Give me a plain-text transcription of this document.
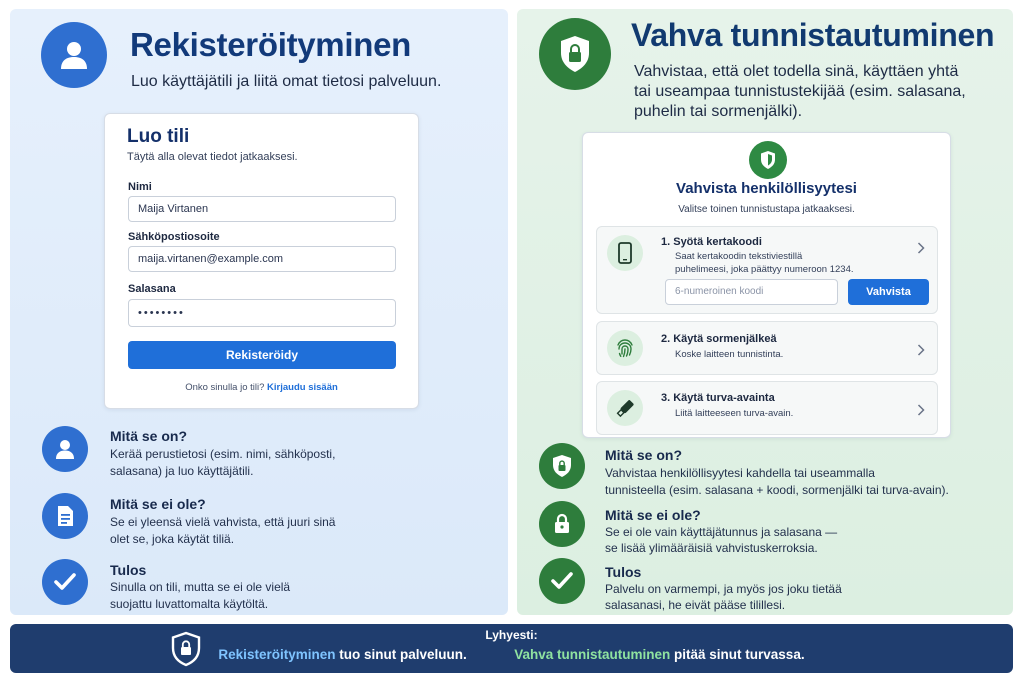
Rekisteröityminen
Luo käyttäjätili ja liitä omat tietosi palveluun.
Luo tili
Täytä alla olevat tiedot jatkaaksesi.
Nimi
Maija Virtanen
Sähköpostiosoite
maija.virtanen@example.com
Salasana
••••••••
Rekisteröidy
Onko sinulla jo tili? Kirjaudu sisään
Mitä se on?
Kerää perustietosi (esim. nimi, sähköposti,
salasana) ja luo käyttäjätili.
Mitä se ei ole?
Se ei yleensä vielä vahvista, että juuri sinä
olet se, joka käytät tiliä.
Tulos
Sinulla on tili, mutta se ei ole vielä
suojattu luvattomalta käytöltä.
Vahva tunnistautuminen
Vahvistaa, että olet todella sinä, käyttäen yhtä
tai useampaa tunnistustekijää (esim. salasana,
puhelin tai sormenjälki).
Vahvista henkilöllisyytesi
Valitse toinen tunnistustapa jatkaaksesi.
1. Syötä kertakoodi
Saat kertakoodin tekstiviestillä
puhelimeesi, joka päättyy numeroon 1234.
6-numeroinen koodi	Vahvista
2. Käytä sormenjälkeä
Koske laitteen tunnistinta.
3. Käytä turva-avainta
Liitä laitteeseen turva-avain.
Mitä se on?
Vahvistaa henkilöllisyytesi kahdella tai useammalla
tunnisteella (esim. salasana + koodi, sormenjälki tai turva-avain).
Mitä se ei ole?
Se ei ole vain käyttäjätunnus ja salasana —
se lisää ylimääräisiä vahvistuskerroksia.
Tulos
Palvelu on varmempi, ja myös jos joku tietää
salasanasi, he eivät pääse tilillesi.
Lyhyesti:
Rekisteröityminen tuo sinut palveluun.	Vahva tunnistautuminen pitää sinut turvassa.
